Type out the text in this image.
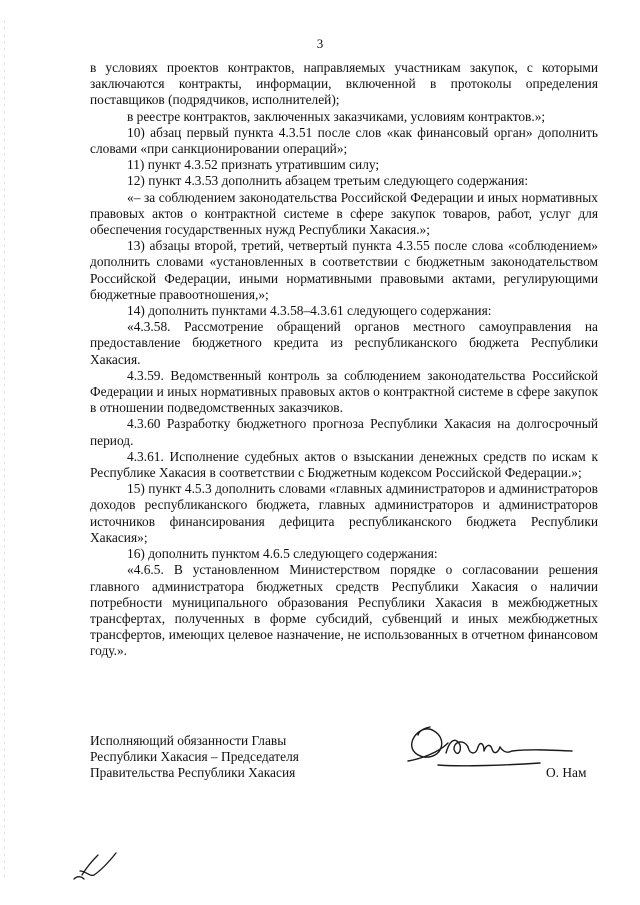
3

в условиях проектов контрактов, направляемых участникам закупок, с которыми заключаются контракты, информации, включенной в протоколы определения поставщиков (подрядчиков, исполнителей);

в реестре контрактов, заключенных заказчиками, условиям контрактов.»;

10) абзац первый пункта 4.3.51 после слов «как финансовый орган» дополнить словами «при санкционировании операций»;

11) пункт 4.3.52 признать утратившим силу;

12) пункт 4.3.53 дополнить абзацем третьим следующего содержания:

«– за соблюдением законодательства Российской Федерации и иных нормативных правовых актов о контрактной системе в сфере закупок товаров, работ, услуг для обеспечения государственных нужд Республики Хакасия.»;

13) абзацы второй, третий, четвертый пункта 4.3.55 после слова «соблюдением» дополнить словами «установленных в соответствии с бюджетным законодательством Российской Федерации, иными нормативными правовыми актами, регулирующими бюджетные правоотношения,»;

14) дополнить пунктами 4.3.58–4.3.61 следующего содержания:

«4.3.58. Рассмотрение обращений органов местного самоуправления на предоставление бюджетного кредита из республиканского бюджета Республики Хакасия.

4.3.59. Ведомственный контроль за соблюдением законодательства Российской Федерации и иных нормативных правовых актов о контрактной системе в сфере закупок в отношении подведомственных заказчиков.

4.3.60 Разработку бюджетного прогноза Республики Хакасия на долгосрочный период.

4.3.61. Исполнение судебных актов о взыскании денежных средств по искам к Республике Хакасия в соответствии с Бюджетным кодексом Российской Федерации.»;

15) пункт 4.5.3 дополнить словами «главных администраторов и администраторов доходов республиканского бюджета, главных администраторов и администраторов источников финансирования дефицита республиканского бюджета Республики Хакасия»;

16) дополнить пунктом 4.6.5 следующего содержания:

«4.6.5. В установленном Министерством порядке о согласовании решения главного администратора бюджетных средств Республики Хакасия о наличии потребности муниципального образования Республики Хакасия в межбюджетных трансфертах, полученных в форме субсидий, субвенций и иных межбюджетных трансфертов, имеющих целевое назначение, не использованных в отчетном финансовом году.».

Исполняющий обязанности Главы
Республики Хакасия – Председателя
Правительства Республики Хакасия	О. Нам
